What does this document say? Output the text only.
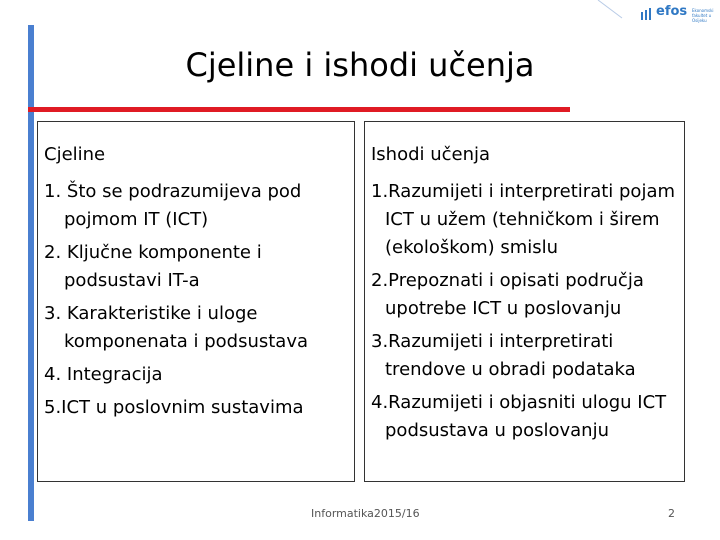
efos Ekonomski fakultet u Osijeku
Cjeline i ishodi učenja
Cjeline
1. Što se podrazumijeva pod pojmom IT (ICT)
2. Ključne komponente i podsustavi IT-a
3. Karakteristike i uloge komponenata i podsustava
4. Integracija
5.ICT u poslovnim sustavima
Ishodi učenja
1.Razumijeti i interpretirati pojam ICT u užem (tehničkom i širem (ekološkom) smislu
2.Prepoznati i opisati područja upotrebe ICT u poslovanju
3.Razumijeti i interpretirati trendove u obradi podataka
4.Razumijeti i objasniti ulogu ICT podsustava u poslovanju
Informatika2015/16	2
